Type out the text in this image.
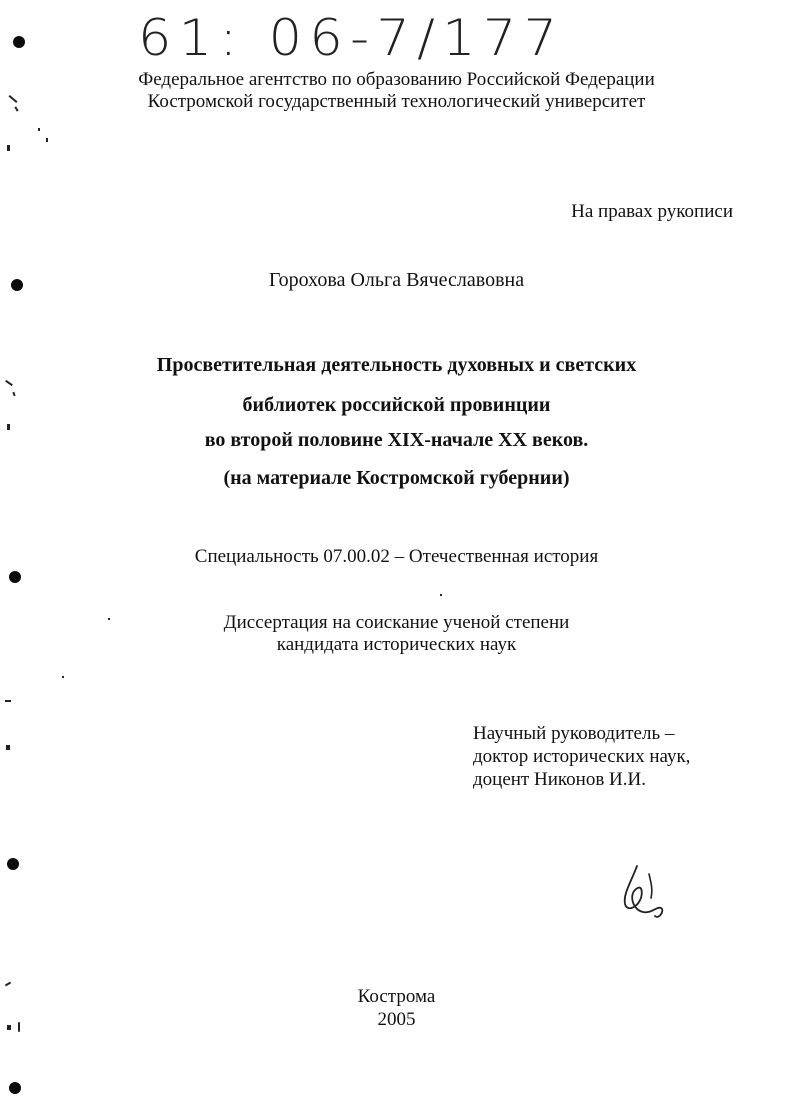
61: 06-7/177
Федеральное агентство по образованию Российской Федерации
Костромской государственный технологический университет
На правах рукописи
Горохова Ольга Вячеславовна
Просветительная деятельность духовных и светских
библиотек российской провинции
во второй половине XIX-начале XX веков.
(на материале Костромской губернии)
Специальность 07.00.02 – Отечественная история
Диссертация на соискание ученой степени
кандидата исторических наук
Научный руководитель –
доктор исторических наук,
доцент Никонов И.И.
Кострома
2005
